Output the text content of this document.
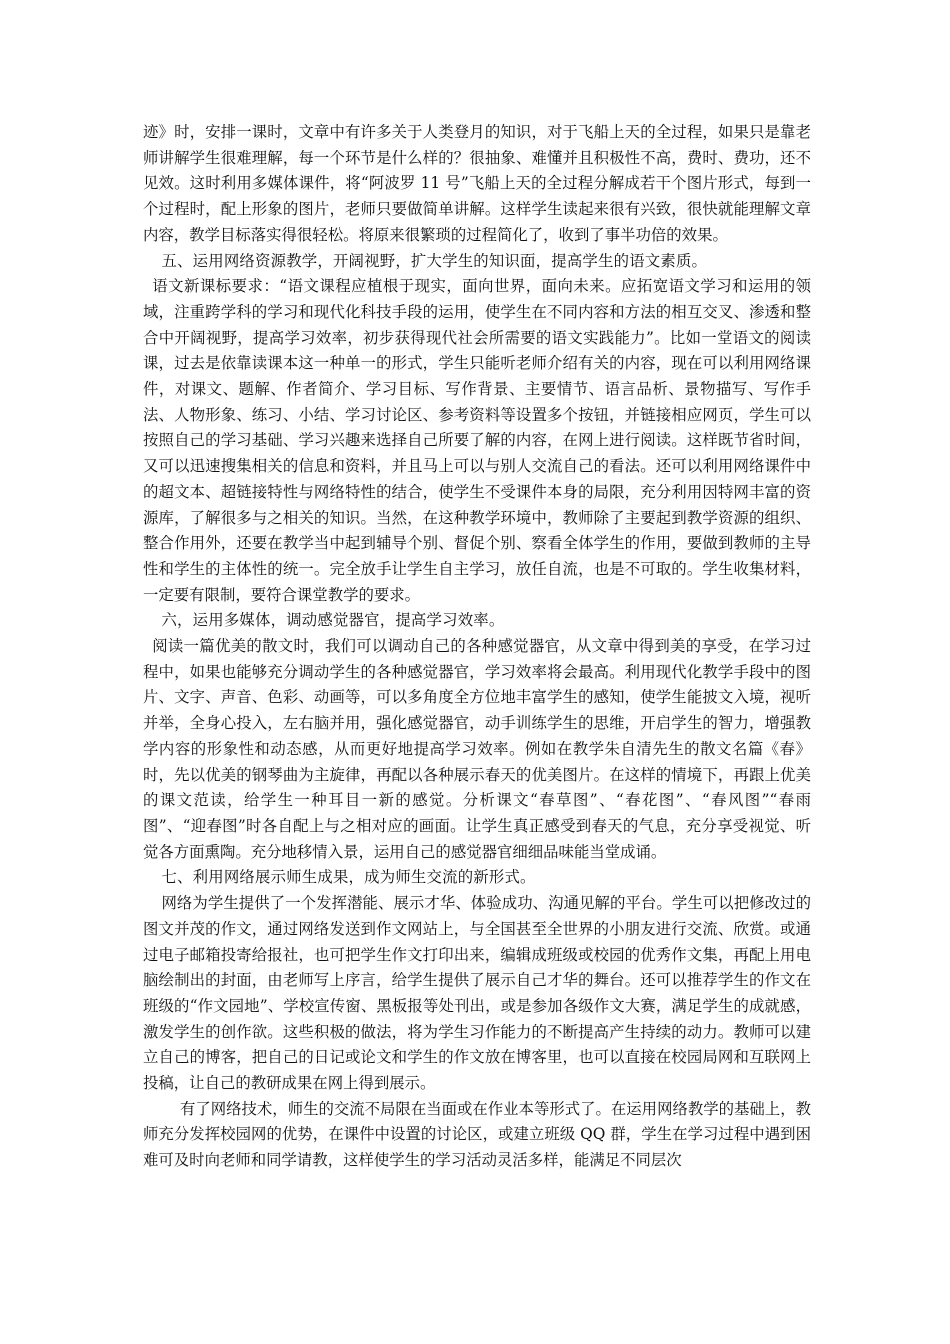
迹》时，安排一课时，文章中有许多关于人类登月的知识，对于飞船上天的全过程，如果只是靠老师讲解学生很难理解，每一个环节是什么样的？很抽象、难懂并且积极性不高，费时、费功，还不见效。这时利用多媒体课件，将“阿波罗 11 号”飞船上天的全过程分解成若干个图片形式，每到一个过程时，配上形象的图片，老师只要做简单讲解。这样学生读起来很有兴致，很快就能理解文章内容，教学目标落实得很轻松。将原来很繁琐的过程简化了，收到了事半功倍的效果。

五、运用网络资源教学，开阔视野，扩大学生的知识面，提高学生的语文素质。

语文新课标要求：“语文课程应植根于现实，面向世界，面向未来。应拓宽语文学习和运用的领域，注重跨学科的学习和现代化科技手段的运用，使学生在不同内容和方法的相互交叉、渗透和整合中开阔视野，提高学习效率，初步获得现代社会所需要的语文实践能力”。比如一堂语文的阅读课，过去是依靠读课本这一种单一的形式，学生只能听老师介绍有关的内容，现在可以利用网络课件，对课文、题解、作者简介、学习目标、写作背景、主要情节、语言品析、景物描写、写作手法、人物形象、练习、小结、学习讨论区、参考资料等设置多个按钮，并链接相应网页，学生可以按照自己的学习基础、学习兴趣来选择自己所要了解的内容，在网上进行阅读。这样既节省时间，又可以迅速搜集相关的信息和资料，并且马上可以与别人交流自己的看法。还可以利用网络课件中的超文本、超链接特性与网络特性的结合，使学生不受课件本身的局限，充分利用因特网丰富的资源库，了解很多与之相关的知识。当然，在这种教学环境中，教师除了主要起到教学资源的组织、整合作用外，还要在教学当中起到辅导个别、督促个别、察看全体学生的作用，要做到教师的主导性和学生的主体性的统一。完全放手让学生自主学习，放任自流，也是不可取的。学生收集材料，一定要有限制，要符合课堂教学的要求。

六，运用多媒体，调动感觉器官，提高学习效率。

阅读一篇优美的散文时，我们可以调动自己的各种感觉器官，从文章中得到美的享受，在学习过程中，如果也能够充分调动学生的各种感觉器官，学习效率将会最高。利用现代化教学手段中的图片、文字、声音、色彩、动画等，可以多角度全方位地丰富学生的感知，使学生能披文入境，视听并举，全身心投入，左右脑并用，强化感觉器官，动手训练学生的思维，开启学生的智力，增强教学内容的形象性和动态感，从而更好地提高学习效率。例如在教学朱自清先生的散文名篇《春》时，先以优美的钢琴曲为主旋律，再配以各种展示春天的优美图片。在这样的情境下，再跟上优美的课文范读，给学生一种耳目一新的感觉。分析课文“春草图”、“春花图”、“春风图”“春雨图”、“迎春图”时各自配上与之相对应的画面。让学生真正感受到春天的气息，充分享受视觉、听觉各方面熏陶。充分地移情入景，运用自己的感觉器官细细品味能当堂成诵。

七、利用网络展示师生成果，成为师生交流的新形式。

网络为学生提供了一个发挥潜能、展示才华、体验成功、沟通见解的平台。学生可以把修改过的图文并茂的作文，通过网络发送到作文网站上，与全国甚至全世界的小朋友进行交流、欣赏。或通过电子邮箱投寄给报社，也可把学生作文打印出来，编辑成班级或校园的优秀作文集，再配上用电脑绘制出的封面，由老师写上序言，给学生提供了展示自己才华的舞台。还可以推荐学生的作文在班级的“作文园地”、学校宣传窗、黑板报等处刊出，或是参加各级作文大赛，满足学生的成就感，激发学生的创作欲。这些积极的做法，将为学生习作能力的不断提高产生持续的动力。教师可以建立自己的博客，把自己的日记或论文和学生的作文放在博客里，也可以直接在校园局网和互联网上投稿，让自己的教研成果在网上得到展示。

有了网络技术，师生的交流不局限在当面或在作业本等形式了。在运用网络教学的基础上，教师充分发挥校园网的优势，在课件中设置的讨论区，或建立班级 QQ 群，学生在学习过程中遇到困难可及时向老师和同学请教，这样使学生的学习活动灵活多样，能满足不同层次
